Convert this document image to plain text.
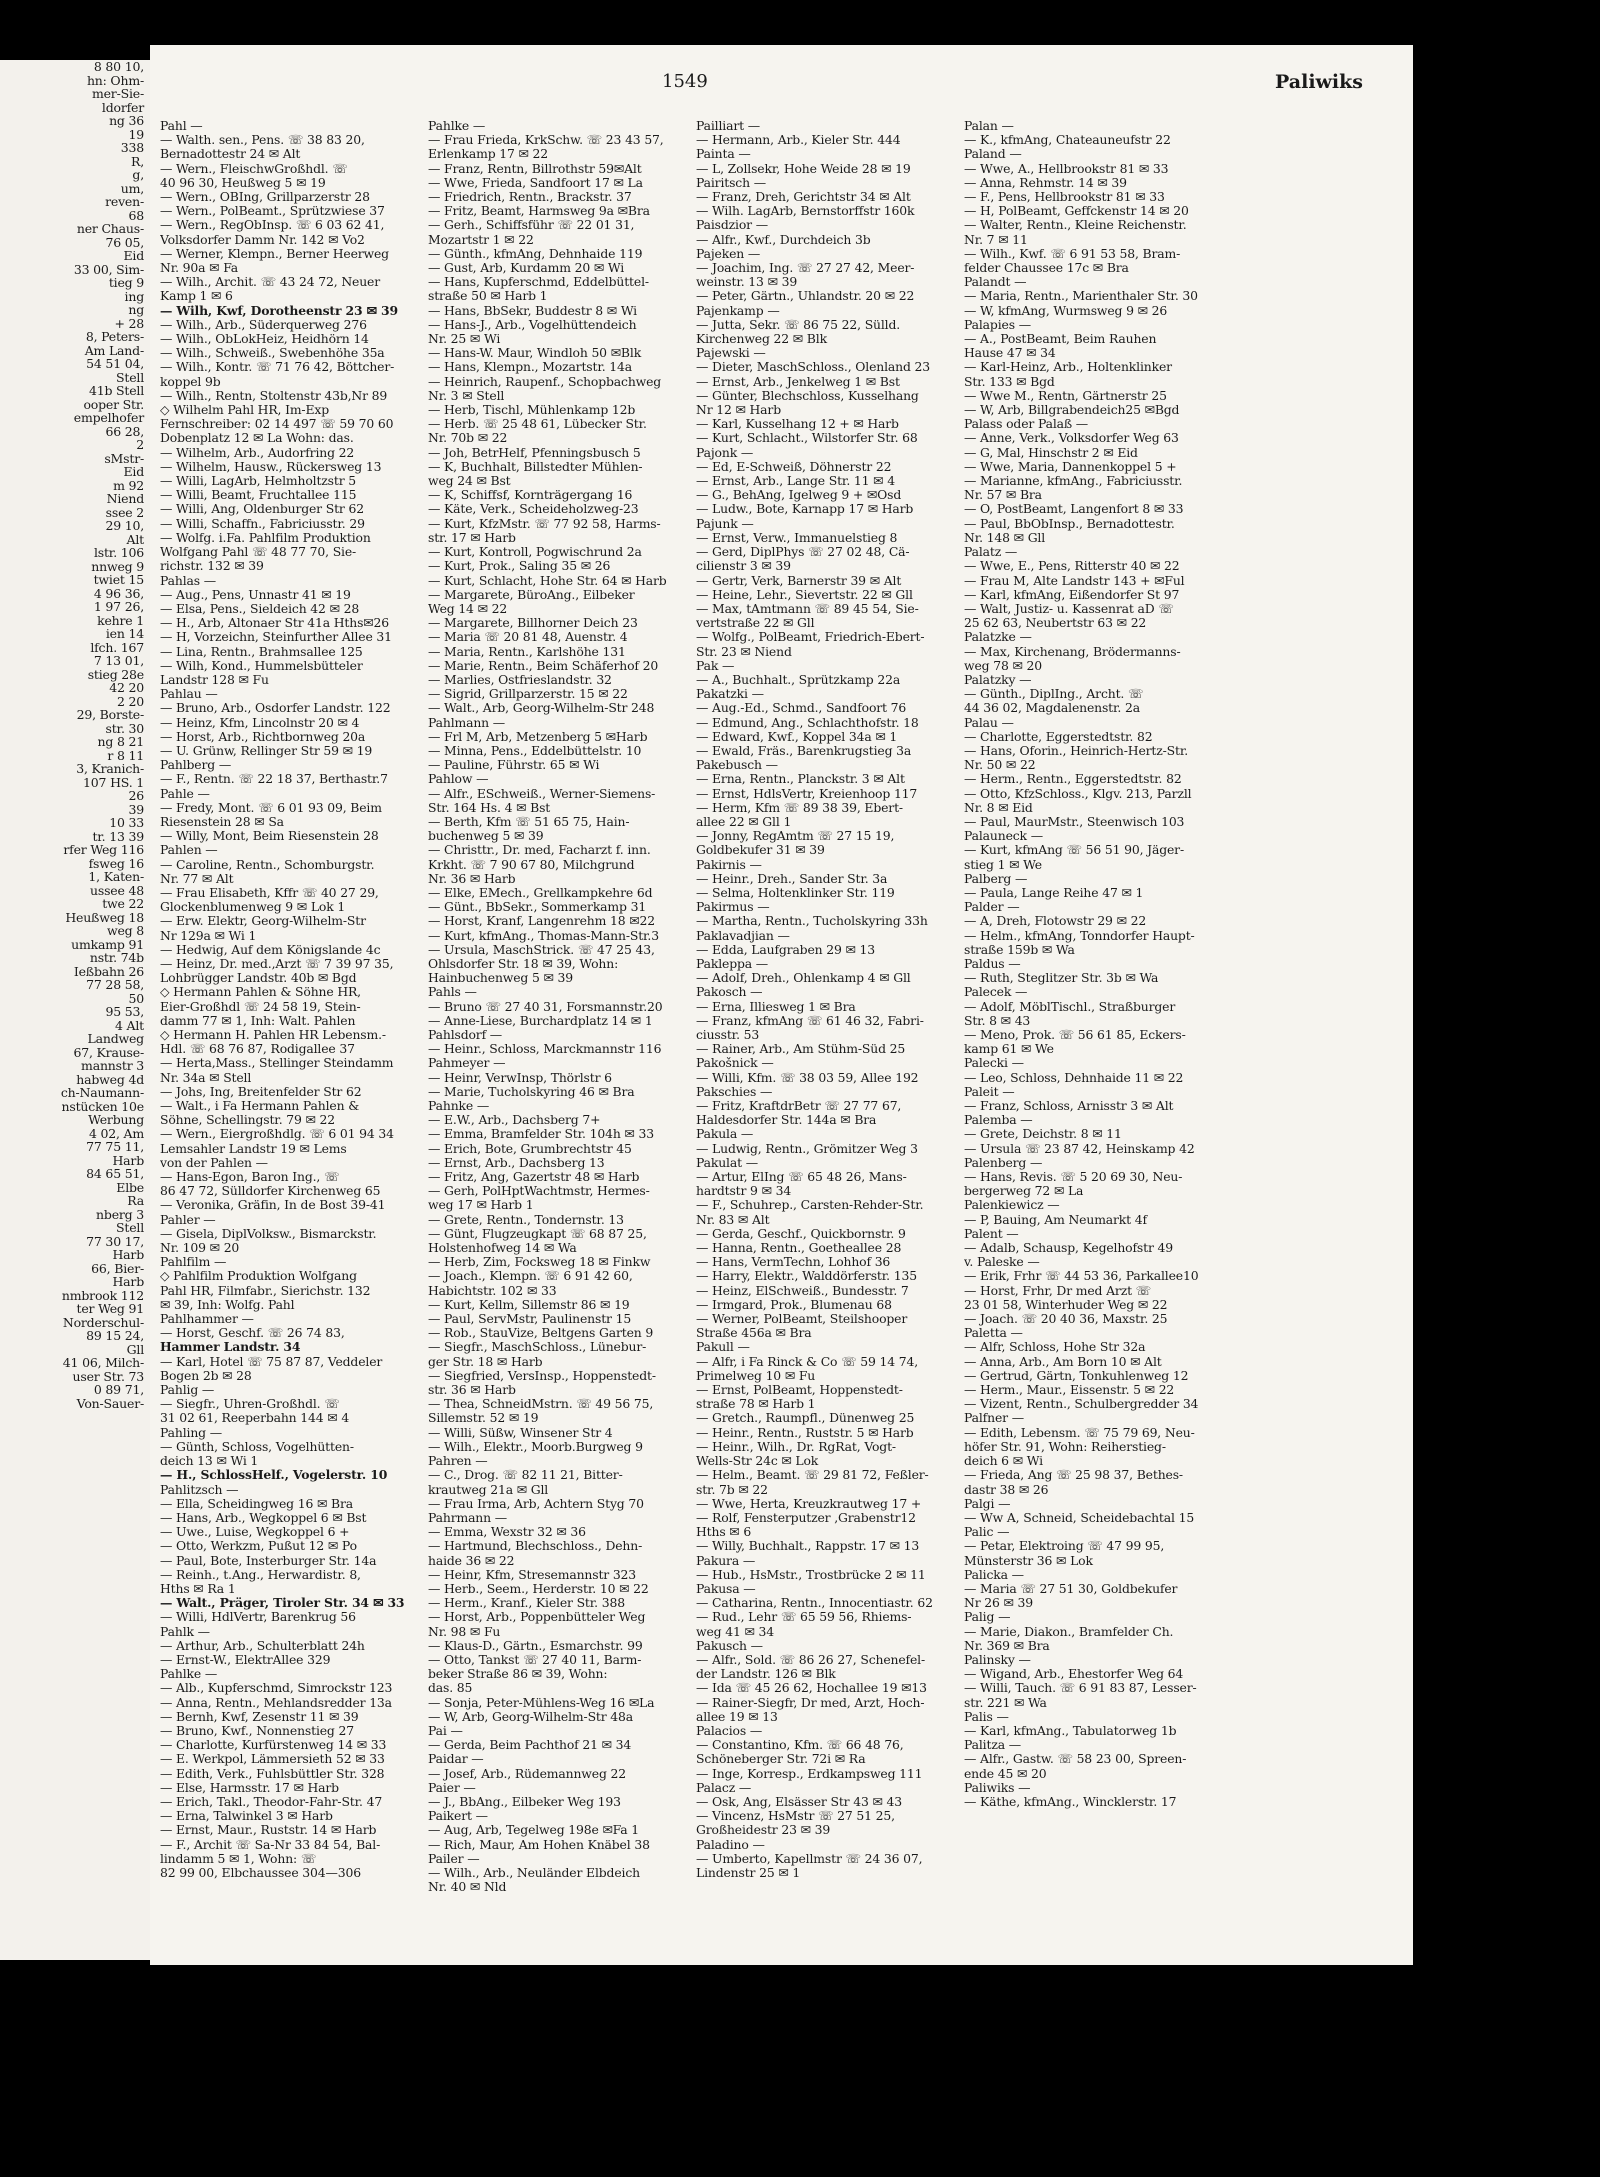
8 80 10,
hn: Ohm-
mer-Sie-
ldorfer
ng 36
19
338
R,
g,
um,
reven-
68
ner Chaus-
76 05,
Eid
33 00, Sim-
tieg 9
ing
ng
+ 28
8, Peters-
Am Land-
54 51 04,
Stell
41b Stell
ooper Str.
empelhofer
66 28,
2
sMstr-
Eid
m 92
Niend
ssee 2
29 10,
Alt
lstr. 106
nnweg 9
twiet 15
4 96 36,
1 97 26,
kehre 1
ien 14
lfch. 167
7 13 01,
stieg 28e
42 20
2 20
29, Borste-
str. 30
ng 8 21
r 8 11
3, Kranich-
107 HS. 1
26
39
10 33
tr. 13 39
rfer Weg 116
fsweg 16
1, Katen-
ussee 48
twe 22
Heußweg 18
weg 8
umkamp 91
nstr. 74b
Ießbahn 26
77 28 58,
50
95 53,
4 Alt
Landweg
67, Krause-
mannstr 3
habweg 4d
ch-Naumann-
nstücken 10e
Werbung
4 02, Am
77 75 11,
Harb
84 65 51,
Elbe
Ra
nberg 3
Stell
77 30 17,
Harb
66, Bier-
Harb
nmbrook 112
ter Weg 91
Norderschul-
89 15 24,
Gll
41 06, Milch-
user Str. 73
0 89 71,
Von-Sauer-
1549	Paliwiks
Pahl —
— Walth. sen., Pens. ☏ 38 83 20,
Bernadottestr 24 ✉ Alt
— Wern., FleischwGroßhdl. ☏
40 96 30, Heußweg 5 ✉ 19
— Wern., OBIng, Grillparzerstr 28
— Wern., PolBeamt., Sprützwiese 37
— Wern., RegObInsp. ☏ 6 03 62 41,
Volksdorfer Damm Nr. 142 ✉ Vo2
— Werner, Klempn., Berner Heerweg
Nr. 90a ✉ Fa
— Wilh., Archit. ☏ 43 24 72, Neuer
Kamp 1 ✉ 6
— Wilh, Kwf, Dorotheenstr 23 ✉ 39
— Wilh., Arb., Süderquerweg 276
— Wilh., ObLokHeiz, Heidhörn 14
— Wilh., Schweiß., Swebenhöhe 35a
— Wilh., Kontr. ☏ 71 76 42, Böttcher-
koppel 9b
— Wilh., Rentn, Stoltenstr 43b,Nr 89
◇ Wilhelm Pahl HR, Im-Exp
Fernschreiber: 02 14 497 ☏ 59 70 60
Dobenplatz 12 ✉ La Wohn: das.
— Wilhelm, Arb., Audorfring 22
— Wilhelm, Hausw., Rückersweg 13
— Willi, LagArb, Helmholtzstr 5
— Willi, Beamt, Fruchtallee 115
— Willi, Ang, Oldenburger Str 62
— Willi, Schaffn., Fabriciusstr. 29
— Wolfg. i.Fa. Pahlfilm Produktion
Wolfgang Pahl ☏ 48 77 70, Sie-
richstr. 132 ✉ 39
Pahlas —
— Aug., Pens, Unnastr 41 ✉ 19
— Elsa, Pens., Sieldeich 42 ✉ 28
— H., Arb, Altonaer Str 41a Hths✉26
— H, Vorzeichn, Steinfurther Allee 31
— Lina, Rentn., Brahmsallee 125
— Wilh, Kond., Hummelsbütteler
Landstr 128 ✉ Fu
Pahlau —
— Bruno, Arb., Osdorfer Landstr. 122
— Heinz, Kfm, Lincolnstr 20 ✉ 4
— Horst, Arb., Richtbornweg 20a
— U. Grünw, Rellinger Str 59 ✉ 19
Pahlberg —
— F., Rentn. ☏ 22 18 37, Berthastr.7
Pahle —
— Fredy, Mont. ☏ 6 01 93 09, Beim
Riesenstein 28 ✉ Sa
— Willy, Mont, Beim Riesenstein 28
Pahlen —
— Caroline, Rentn., Schomburgstr.
Nr. 77 ✉ Alt
— Frau Elisabeth, Kffr ☏ 40 27 29,
Glockenblumenweg 9 ✉ Lok 1
— Erw. Elektr, Georg-Wilhelm-Str
Nr 129a ✉ Wi 1
— Hedwig, Auf dem Königslande 4c
— Heinz, Dr. med.,Arzt ☏ 7 39 97 35,
Lohbrügger Landstr. 40b ✉ Bgd
◇ Hermann Pahlen & Söhne HR,
Eier-Großhdl ☏ 24 58 19, Stein-
damm 77 ✉ 1, Inh: Walt. Pahlen
◇ Hermann H. Pahlen HR Lebensm.-
Hdl. ☏ 68 76 87, Rodigallee 37
— Herta,Mass., Stellinger Steindamm
Nr. 34a ✉ Stell
— Johs, Ing, Breitenfelder Str 62
— Walt., i Fa Hermann Pahlen &
Söhne, Schellingstr. 79 ✉ 22
— Wern., Eiergroßhdlg. ☏ 6 01 94 34
Lemsahler Landstr 19 ✉ Lems
von der Pahlen —
— Hans-Egon, Baron Ing., ☏
86 47 72, Sülldorfer Kirchenweg 65
— Veronika, Gräfin, In de Bost 39-41
Pahler —
— Gisela, DiplVolksw., Bismarckstr.
Nr. 109 ✉ 20
Pahlfilm —
◇ Pahlfilm Produktion Wolfgang
Pahl HR, Filmfabr., Sierichstr. 132
✉ 39, Inh: Wolfg. Pahl
Pahlhammer —
— Horst, Geschf. ☏ 26 74 83,
Hammer Landstr. 34
— Karl, Hotel ☏ 75 87 87, Veddeler
Bogen 2b ✉ 28
Pahlig —
— Siegfr., Uhren-Großhdl. ☏
31 02 61, Reeperbahn 144 ✉ 4
Pahling —
— Günth, Schloss, Vogelhütten-
deich 13 ✉ Wi 1
— H., SchlossHelf., Vogelerstr. 10
Pahlitzsch —
— Ella, Scheidingweg 16 ✉ Bra
— Hans, Arb., Wegkoppel 6 ✉ Bst
— Uwe., Luise, Wegkoppel 6 +
— Otto, Werkzm, Pußut 12 ✉ Po
— Paul, Bote, Insterburger Str. 14a
— Reinh., t.Ang., Herwardistr. 8,
Hths ✉ Ra 1
— Walt., Präger, Tiroler Str. 34 ✉ 33
— Willi, HdlVertr, Barenkrug 56
Pahlk —
— Arthur, Arb., Schulterblatt 24h
— Ernst-W., ElektrAllee 329
Pahlke —
— Alb., Kupferschmd, Simrockstr 123
— Anna, Rentn., Mehlandsredder 13a
— Bernh, Kwf, Zesenstr 11 ✉ 39
— Bruno, Kwf., Nonnenstieg 27
— Charlotte, Kurfürstenweg 14 ✉ 33
— E. Werkpol, Lämmersieth 52 ✉ 33
— Edith, Verk., Fuhlsbüttler Str. 328
— Else, Harmsstr. 17 ✉ Harb
— Erich, Takl., Theodor-Fahr-Str. 47
— Erna, Talwinkel 3 ✉ Harb
— Ernst, Maur., Ruststr. 14 ✉ Harb
— F., Archit ☏ Sa-Nr 33 84 54, Bal-
lindamm 5 ✉ 1, Wohn: ☏
82 99 00, Elbchaussee 304—306
Pahlke —
— Frau Frieda, KrkSchw. ☏ 23 43 57,
Erlenkamp 17 ✉ 22
— Franz, Rentn, Billrothstr 59✉Alt
— Wwe, Frieda, Sandfoort 17 ✉ La
— Friedrich, Rentn., Brackstr. 37
— Fritz, Beamt, Harmsweg 9a ✉Bra
— Gerh., Schiffsführ ☏ 22 01 31,
Mozartstr 1 ✉ 22
— Günth., kfmAng, Dehnhaide 119
— Gust, Arb, Kurdamm 20 ✉ Wi
— Hans, Kupferschmd, Eddelbüttel-
straße 50 ✉ Harb 1
— Hans, BbSekr, Buddestr 8 ✉ Wi
— Hans-J., Arb., Vogelhüttendeich
Nr. 25 ✉ Wi
— Hans-W. Maur, Windloh 50 ✉Blk
— Hans, Klempn., Mozartstr. 14a
— Heinrich, Raupenf., Schopbachweg
Nr. 3 ✉ Stell
— Herb, Tischl, Mühlenkamp 12b
— Herb. ☏ 25 48 61, Lübecker Str.
Nr. 70b ✉ 22
— Joh, BetrHelf, Pfenningsbusch 5
— K, Buchhalt, Billstedter Mühlen-
weg 24 ✉ Bst
— K, Schiffsf, Kornträgergang 16
— Käte, Verk., Scheideholzweg-23
— Kurt, KfzMstr. ☏ 77 92 58, Harms-
str. 17 ✉ Harb
— Kurt, Kontroll, Pogwischrund 2a
— Kurt, Prok., Saling 35 ✉ 26
— Kurt, Schlacht, Hohe Str. 64 ✉ Harb
— Margarete, BüroAng., Eilbeker
Weg 14 ✉ 22
— Margarete, Billhorner Deich 23
— Maria ☏ 20 81 48, Auenstr. 4
— Maria, Rentn., Karlshöhe 131
— Marie, Rentn., Beim Schäferhof 20
— Marlies, Ostfrieslandstr. 32
— Sigrid, Grillparzerstr. 15 ✉ 22
— Walt., Arb, Georg-Wilhelm-Str 248
Pahlmann —
— Frl M, Arb, Metzenberg 5 ✉Harb
— Minna, Pens., Eddelbüttelstr. 10
— Pauline, Führstr. 65 ✉ Wi
Pahlow —
— Alfr., ESchweiß., Werner-Siemens-
Str. 164 Hs. 4 ✉ Bst
— Berth, Kfm ☏ 51 65 75, Hain-
buchenweg 5 ✉ 39
— Christtr., Dr. med, Facharzt f. inn.
Krkht. ☏ 7 90 67 80, Milchgrund
Nr. 36 ✉ Harb
— Elke, EMech., Grellkampkehre 6d
— Günt., BbSekr., Sommerkamp 31
— Horst, Kranf, Langenrehm 18 ✉22
— Kurt, kfmAng., Thomas-Mann-Str.3
— Ursula, MaschStrick. ☏ 47 25 43,
Ohlsdorfer Str. 18 ✉ 39, Wohn:
Hainbuchenweg 5 ✉ 39
Pahls —
— Bruno ☏ 27 40 31, Forsmannstr.20
— Anne-Liese, Burchardplatz 14 ✉ 1
Pahlsdorf —
— Heinr., Schloss, Marckmannstr 116
Pahmeyer —
— Heinr, VerwInsp, Thörlstr 6
— Marie, Tucholskyring 46 ✉ Bra
Pahnke —
— E.W., Arb., Dachsberg 7+
— Emma, Bramfelder Str. 104h ✉ 33
— Erich, Bote, Grumbrechtstr 45
— Ernst, Arb., Dachsberg 13
— Fritz, Ang, Gazertstr 48 ✉ Harb
— Gerh, PolHptWachtmstr, Hermes-
weg 17 ✉ Harb 1
— Grete, Rentn., Tondernstr. 13
— Günt, Flugzeugkapt ☏ 68 87 25,
Holstenhofweg 14 ✉ Wa
— Herb, Zim, Focksweg 18 ✉ Finkw
— Joach., Klempn. ☏ 6 91 42 60,
Habichtstr. 102 ✉ 33
— Kurt, Kellm, Sillemstr 86 ✉ 19
— Paul, ServMstr, Paulinenstr 15
— Rob., StauVize, Beltgens Garten 9
— Siegfr., MaschSchloss., Lünebur-
ger Str. 18 ✉ Harb
— Siegfried, VersInsp., Hoppenstedt-
str. 36 ✉ Harb
— Thea, SchneidMstrn. ☏ 49 56 75,
Sillemstr. 52 ✉ 19
— Willi, Süßw, Winsener Str 4
— Wilh., Elektr., Moorb.Burgweg 9
Pahren —
— C., Drog. ☏ 82 11 21, Bitter-
krautweg 21a ✉ Gll
— Frau Irma, Arb, Achtern Styg 70
Pahrmann —
— Emma, Wexstr 32 ✉ 36
— Hartmund, Blechschloss., Dehn-
haide 36 ✉ 22
— Heinr, Kfm, Stresemannstr 323
— Herb., Seem., Herderstr. 10 ✉ 22
— Herm., Kranf., Kieler Str. 388
— Horst, Arb., Poppenbütteler Weg
Nr. 98 ✉ Fu
— Klaus-D., Gärtn., Esmarchstr. 99
— Otto, Tankst ☏ 27 40 11, Barm-
beker Straße 86 ✉ 39, Wohn:
das. 85
— Sonja, Peter-Mühlens-Weg 16 ✉La
— W, Arb, Georg-Wilhelm-Str 48a
Pai —
— Gerda, Beim Pachthof 21 ✉ 34
Paidar —
— Josef, Arb., Rüdemannweg 22
Paier —
— J., BbAng., Eilbeker Weg 193
Paikert —
— Aug, Arb, Tegelweg 198e ✉Fa 1
— Rich, Maur, Am Hohen Knäbel 38
Pailer —
— Wilh., Arb., Neuländer Elbdeich
Nr. 40 ✉ Nld
Pailliart —
— Hermann, Arb., Kieler Str. 444
Painta —
— L, Zollsekr, Hohe Weide 28 ✉ 19
Pairitsch —
— Franz, Dreh, Gerichtstr 34 ✉ Alt
— Wilh. LagArb, Bernstorffstr 160k
Paisdzior —
— Alfr., Kwf., Durchdeich 3b
Pajeken —
— Joachim, Ing. ☏ 27 27 42, Meer-
weinstr. 13 ✉ 39
— Peter, Gärtn., Uhlandstr. 20 ✉ 22
Pajenkamp —
— Jutta, Sekr. ☏ 86 75 22, Sülld.
Kirchenweg 22 ✉ Blk
Pajewski —
— Dieter, MaschSchloss., Olenland 23
— Ernst, Arb., Jenkelweg 1 ✉ Bst
— Günter, Blechschloss, Kusselhang
Nr 12 ✉ Harb
— Karl, Kusselhang 12 + ✉ Harb
— Kurt, Schlacht., Wilstorfer Str. 68
Pajonk —
— Ed, E-Schweiß, Döhnerstr 22
— Ernst, Arb., Lange Str. 11 ✉ 4
— G., BehAng, Igelweg 9 + ✉Osd
— Ludw., Bote, Karnapp 17 ✉ Harb
Pajunk —
— Ernst, Verw., Immanuelstieg 8
— Gerd, DiplPhys ☏ 27 02 48, Cä-
cilienstr 3 ✉ 39
— Gertr, Verk, Barnerstr 39 ✉ Alt
— Heine, Lehr., Sievertstr. 22 ✉ Gll
— Max, tAmtmann ☏ 89 45 54, Sie-
vertstraße 22 ✉ Gll
— Wolfg., PolBeamt, Friedrich-Ebert-
Str. 23 ✉ Niend
Pak —
— A., Buchhalt., Sprützkamp 22a
Pakatzki —
— Aug.-Ed., Schmd., Sandfoort 76
— Edmund, Ang., Schlachthofstr. 18
— Edward, Kwf., Koppel 34a ✉ 1
— Ewald, Fräs., Barenkrugstieg 3a
Pakebusch —
— Erna, Rentn., Planckstr. 3 ✉ Alt
— Ernst, HdlsVertr, Kreienhoop 117
— Herm, Kfm ☏ 89 38 39, Ebert-
allee 22 ✉ Gll 1
— Jonny, RegAmtm ☏ 27 15 19,
Goldbekufer 31 ✉ 39
Pakirnis —
— Heinr., Dreh., Sander Str. 3a
— Selma, Holtenklinker Str. 119
Pakirmus —
— Martha, Rentn., Tucholskyring 33h
Paklavadjian —
— Edda, Laufgraben 29 ✉ 13
Pakleppa —
— Adolf, Dreh., Ohlenkamp 4 ✉ Gll
Pakosch —
— Erna, Illiesweg 1 ✉ Bra
— Franz, kfmAng ☏ 61 46 32, Fabri-
ciusstr. 53
— Rainer, Arb., Am Stühm-Süd 25
Pakošnick —
— Willi, Kfm. ☏ 38 03 59, Allee 192
Pakschies —
— Fritz, KraftdrBetr ☏ 27 77 67,
Haldesdorfer Str. 144a ✉ Bra
Pakula —
— Ludwig, Rentn., Grömitzer Weg 3
Pakulat —
— Artur, ElIng ☏ 65 48 26, Mans-
hardtstr 9 ✉ 34
— F., Schuhrep., Carsten-Rehder-Str.
Nr. 83 ✉ Alt
— Gerda, Geschf., Quickbornstr. 9
— Hanna, Rentn., Goetheallee 28
— Hans, VermTechn, Lohhof 36
— Harry, Elektr., Walddörferstr. 135
— Heinz, ElSchweiß., Bundesstr. 7
— Irmgard, Prok., Blumenau 68
— Werner, PolBeamt, Steilshooper
Straße 456a ✉ Bra
Pakull —
— Alfr, i Fa Rinck & Co ☏ 59 14 74,
Primelweg 10 ✉ Fu
— Ernst, PolBeamt, Hoppenstedt-
straße 78 ✉ Harb 1
— Gretch., Raumpfl., Dünenweg 25
— Heinr., Rentn., Ruststr. 5 ✉ Harb
— Heinr., Wilh., Dr. RgRat, Vogt-
Wells-Str 24c ✉ Lok
— Helm., Beamt. ☏ 29 81 72, Feßler-
str. 7b ✉ 22
— Wwe, Herta, Kreuzkrautweg 17 +
— Rolf, Fensterputzer ,Grabenstr12
Hths ✉ 6
— Willy, Buchhalt., Rappstr. 17 ✉ 13
Pakura —
— Hub., HsMstr., Trostbrücke 2 ✉ 11
Pakusa —
— Catharina, Rentn., Innocentiastr. 62
— Rud., Lehr ☏ 65 59 56, Rhiems-
weg 41 ✉ 34
Pakusch —
— Alfr., Sold. ☏ 86 26 27, Schenefel-
der Landstr. 126 ✉ Blk
— Ida ☏ 45 26 62, Hochallee 19 ✉13
— Rainer-Siegfr, Dr med, Arzt, Hoch-
allee 19 ✉ 13
Palacios —
— Constantino, Kfm. ☏ 66 48 76,
Schöneberger Str. 72i ✉ Ra
— Inge, Korresp., Erdkampsweg 111
Palacz —
— Osk, Ang, Elsässer Str 43 ✉ 43
— Vincenz, HsMstr ☏ 27 51 25,
Großheidestr 23 ✉ 39
Paladino —
— Umberto, Kapellmstr ☏ 24 36 07,
Lindenstr 25 ✉ 1
Palan —
— K., kfmAng, Chateauneufstr 22
Paland —
— Wwe, A., Hellbrookstr 81 ✉ 33
— Anna, Rehmstr. 14 ✉ 39
— F., Pens, Hellbrookstr 81 ✉ 33
— H, PolBeamt, Geffckenstr 14 ✉ 20
— Walter, Rentn., Kleine Reichenstr.
Nr. 7 ✉ 11
— Wilh., Kwf. ☏ 6 91 53 58, Bram-
felder Chaussee 17c ✉ Bra
Palandt —
— Maria, Rentn., Marienthaler Str. 30
— W, kfmAng, Wurmsweg 9 ✉ 26
Palapies —
— A., PostBeamt, Beim Rauhen
Hause 47 ✉ 34
— Karl-Heinz, Arb., Holtenklinker
Str. 133 ✉ Bgd
— Wwe M., Rentn, Gärtnerstr 25
— W, Arb, Billgrabendeich25 ✉Bgd
Palass oder Palaß —
— Anne, Verk., Volksdorfer Weg 63
— G, Mal, Hinschstr 2 ✉ Eid
— Wwe, Maria, Dannenkoppel 5 +
— Marianne, kfmAng., Fabriciusstr.
Nr. 57 ✉ Bra
— O, PostBeamt, Langenfort 8 ✉ 33
— Paul, BbObInsp., Bernadottestr.
Nr. 148 ✉ Gll
Palatz —
— Wwe, E., Pens, Ritterstr 40 ✉ 22
— Frau M, Alte Landstr 143 + ✉Ful
— Karl, kfmAng, Eißendorfer St 97
— Walt, Justiz- u. Kassenrat aD ☏
25 62 63, Neubertstr 63 ✉ 22
Palatzke —
— Max, Kirchenang, Brödermanns-
weg 78 ✉ 20
Palatzky —
— Günth., DiplIng., Archt. ☏
44 36 02, Magdalenenstr. 2a
Palau —
— Charlotte, Eggerstedtstr. 82
— Hans, Oforin., Heinrich-Hertz-Str.
Nr. 50 ✉ 22
— Herm., Rentn., Eggerstedtstr. 82
— Otto, KfzSchloss., Klgv. 213, Parzll
Nr. 8 ✉ Eid
— Paul, MaurMstr., Steenwisch 103
Palauneck —
— Kurt, kfmAng ☏ 56 51 90, Jäger-
stieg 1 ✉ We
Palberg —
— Paula, Lange Reihe 47 ✉ 1
Palder —
— A, Dreh, Flotowstr 29 ✉ 22
— Helm., kfmAng, Tonndorfer Haupt-
straße 159b ✉ Wa
Paldus —
— Ruth, Steglitzer Str. 3b ✉ Wa
Palecek —
— Adolf, MöblTischl., Straßburger
Str. 8 ✉ 43
— Meno, Prok. ☏ 56 61 85, Eckers-
kamp 61 ✉ We
Palecki —
— Leo, Schloss, Dehnhaide 11 ✉ 22
Paleit —
— Franz, Schloss, Arnisstr 3 ✉ Alt
Palemba —
— Grete, Deichstr. 8 ✉ 11
— Ursula ☏ 23 87 42, Heinskamp 42
Palenberg —
— Hans, Revis. ☏ 5 20 69 30, Neu-
bergerweg 72 ✉ La
Palenkiewicz —
— P, Bauing, Am Neumarkt 4f
Palent —
— Adalb, Schausp, Kegelhofstr 49
v. Paleske —
— Erik, Frhr ☏ 44 53 36, Parkallee10
— Horst, Frhr, Dr med Arzt ☏
23 01 58, Winterhuder Weg ✉ 22
— Joach. ☏ 20 40 36, Maxstr. 25
Paletta —
— Alfr, Schloss, Hohe Str 32a
— Anna, Arb., Am Born 10 ✉ Alt
— Gertrud, Gärtn, Tonkuhlenweg 12
— Herm., Maur., Eissenstr. 5 ✉ 22
— Vizent, Rentn., Schulbergredder 34
Palfner —
— Edith, Lebensm. ☏ 75 79 69, Neu-
höfer Str. 91, Wohn: Reiherstieg-
deich 6 ✉ Wi
— Frieda, Ang ☏ 25 98 37, Bethes-
dastr 38 ✉ 26
Palgi —
— Ww A, Schneid, Scheidebachtal 15
Palic —
— Petar, Elektroing ☏ 47 99 95,
Münsterstr 36 ✉ Lok
Palicka —
— Maria ☏ 27 51 30, Goldbekufer
Nr 26 ✉ 39
Palig —
— Marie, Diakon., Bramfelder Ch.
Nr. 369 ✉ Bra
Palinsky —
— Wigand, Arb., Ehestorfer Weg 64
— Willi, Tauch. ☏ 6 91 83 87, Lesser-
str. 221 ✉ Wa
Palis —
— Karl, kfmAng., Tabulatorweg 1b
Palitza —
— Alfr., Gastw. ☏ 58 23 00, Spreen-
ende 45 ✉ 20
Paliwiks —
— Käthe, kfmAng., Wincklerstr. 17
